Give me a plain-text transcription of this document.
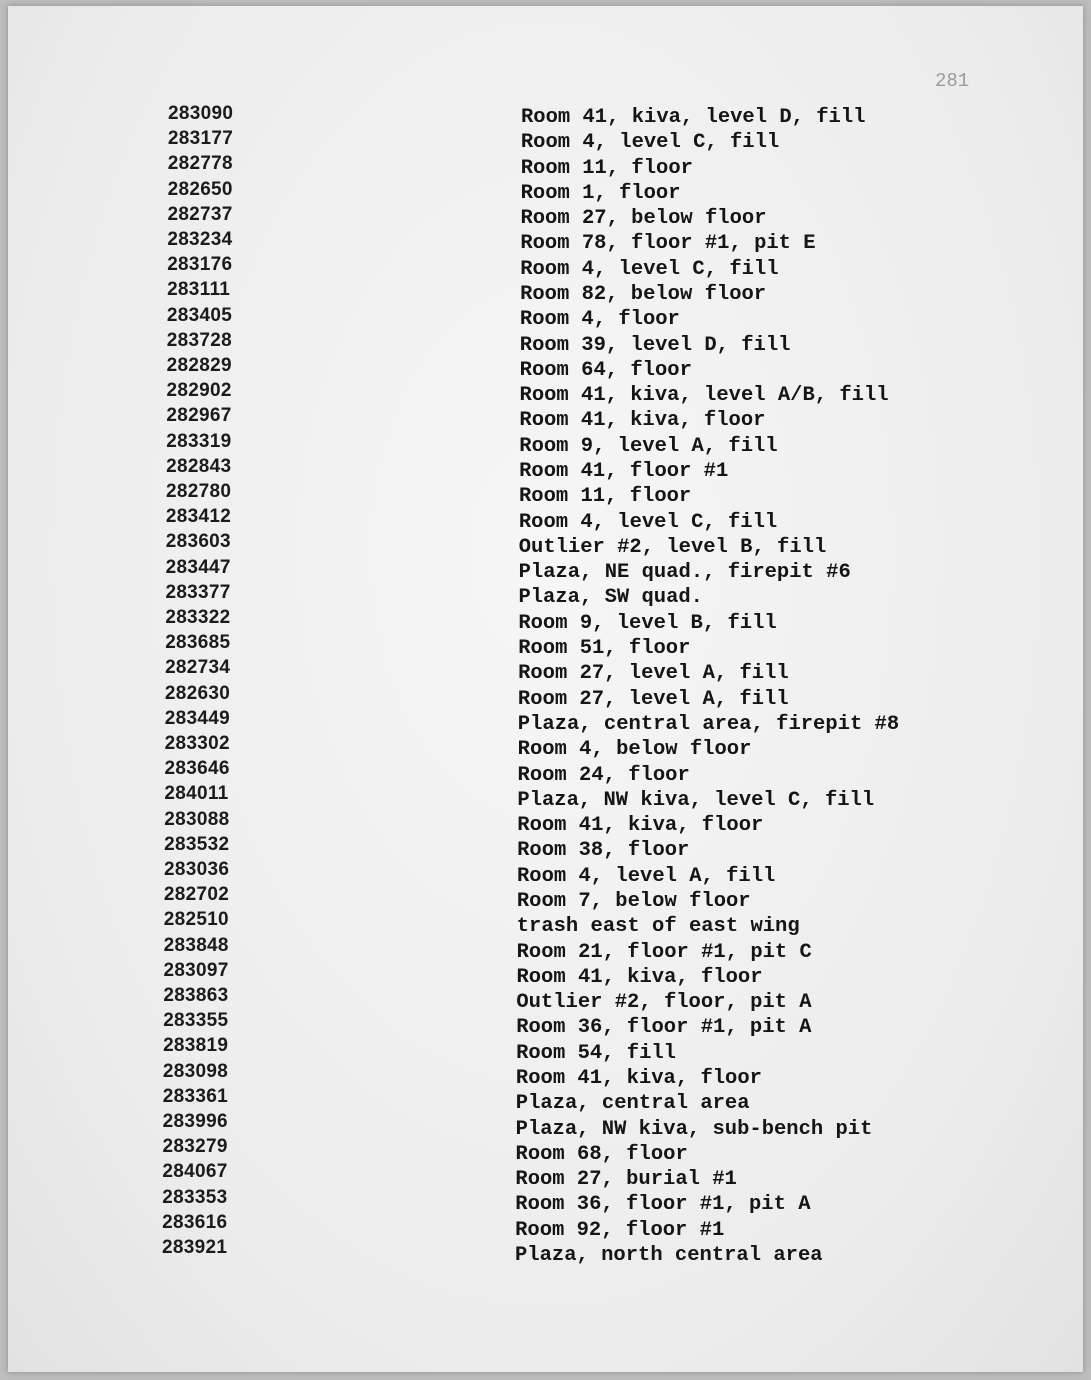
281
283090	Room 41, kiva, level D, fill
283177	Room 4, level C, fill
282778	Room 11, floor
282650	Room 1, floor
282737	Room 27, below floor
283234	Room 78, floor #1, pit E
283176	Room 4, level C, fill
283111	Room 82, below floor
283405	Room 4, floor
283728	Room 39, level D, fill
282829	Room 64, floor
282902	Room 41, kiva, level A/B, fill
282967	Room 41, kiva, floor
283319	Room 9, level A, fill
282843	Room 41, floor #1
282780	Room 11, floor
283412	Room 4, level C, fill
283603	Outlier #2, level B, fill
283447	Plaza, NE quad., firepit #6
283377	Plaza, SW quad.
283322	Room 9, level B, fill
283685	Room 51, floor
282734	Room 27, level A, fill
282630	Room 27, level A, fill
283449	Plaza, central area, firepit #8
283302	Room 4, below floor
283646	Room 24, floor
284011	Plaza, NW kiva, level C, fill
283088	Room 41, kiva, floor
283532	Room 38, floor
283036	Room 4, level A, fill
282702	Room 7, below floor
282510	trash east of east wing
283848	Room 21, floor #1, pit C
283097	Room 41, kiva, floor
283863	Outlier #2, floor, pit A
283355	Room 36, floor #1, pit A
283819	Room 54, fill
283098	Room 41, kiva, floor
283361	Plaza, central area
283996	Plaza, NW kiva, sub-bench pit
283279	Room 68, floor
284067	Room 27, burial #1
283353	Room 36, floor #1, pit A
283616	Room 92, floor #1
283921	Plaza, north central area
